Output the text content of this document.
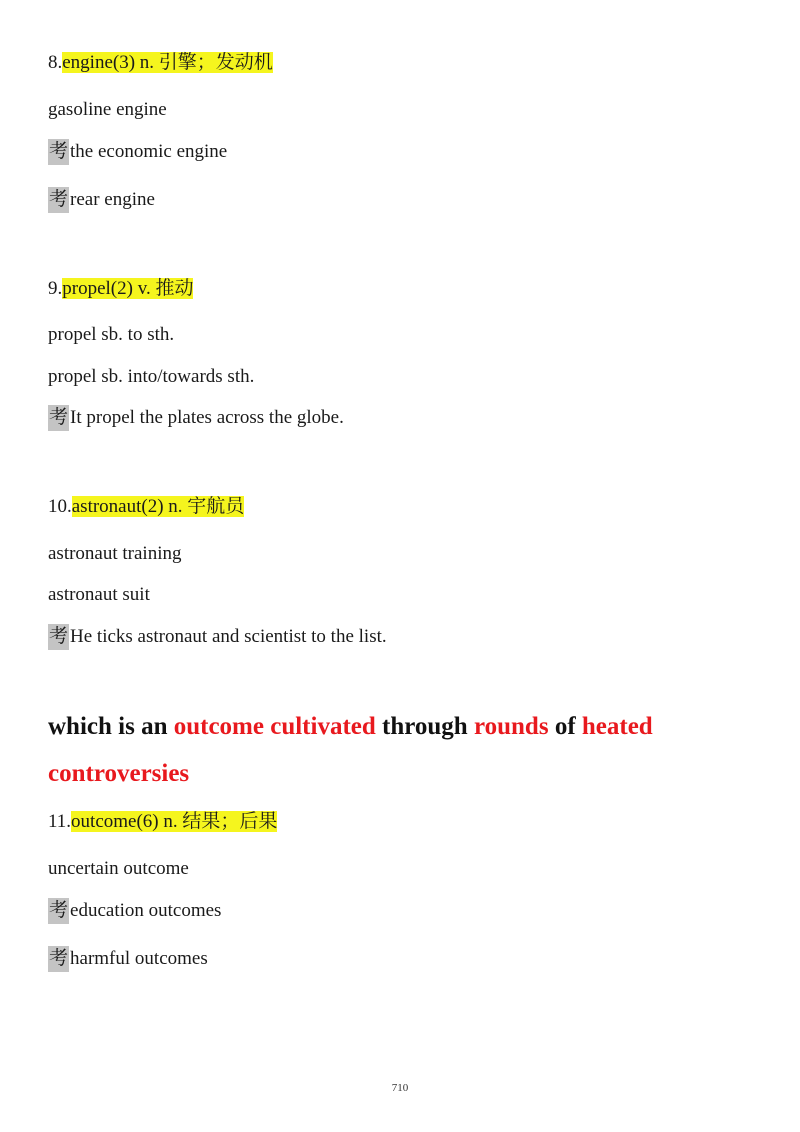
8.engine(3) n. 引擎；发动机
gasoline engine
考 the economic engine
考 rear engine
9.propel(2) v. 推动
propel sb. to sth.
propel sb. into/towards sth.
考 It propel the plates across the globe.
10.astronaut(2) n. 宇航员
astronaut training
astronaut suit
考 He ticks astronaut and scientist to the list.
which is an outcome cultivated through rounds of heated
controversies
11.outcome(6) n. 结果；后果
uncertain outcome
考 education outcomes
考 harmful outcomes
710
